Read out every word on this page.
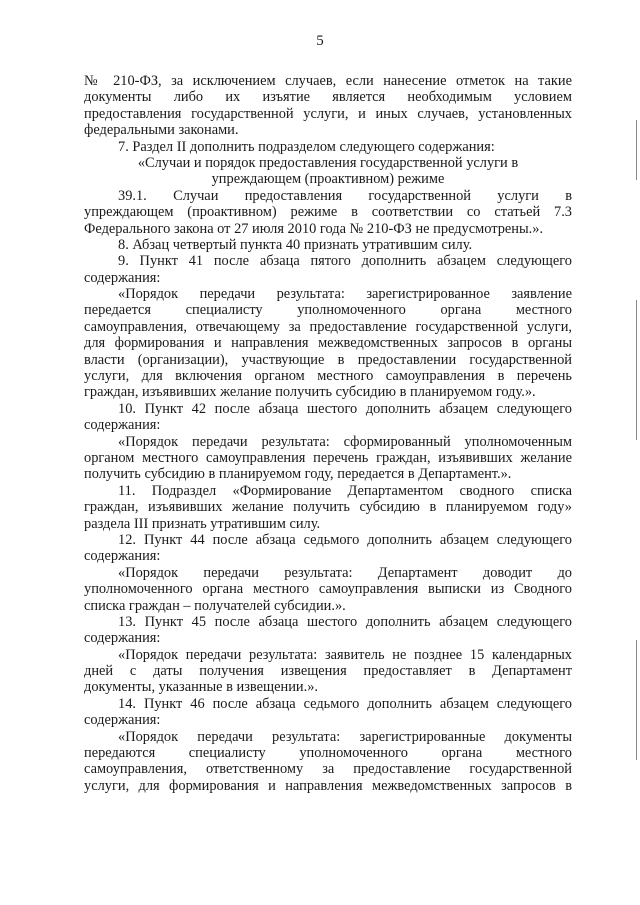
5
№ 210-ФЗ, за исключением случаев, если нанесение отметок на такие
документы либо их изъятие является необходимым условием
предоставления государственной услуги, и иных случаев, установленных
федеральными законами.
7. Раздел II дополнить подразделом следующего содержания:
«Случаи и порядок предоставления государственной услуги в
упреждающем (проактивном) режиме
39.1. Случаи предоставления государственной услуги в
упреждающем (проактивном) режиме в соответствии со статьей 7.3
Федерального закона от 27 июля 2010 года № 210-ФЗ не предусмотрены.».
8. Абзац четвертый пункта 40 признать утратившим силу.
9. Пункт 41 после абзаца пятого дополнить абзацем следующего
содержания:
«Порядок передачи результата: зарегистрированное заявление
передается специалисту уполномоченного органа местного
самоуправления, отвечающему за предоставление государственной услуги,
для формирования и направления межведомственных запросов в органы
власти (организации), участвующие в предоставлении государственной
услуги, для включения органом местного самоуправления в перечень
граждан, изъявивших желание получить субсидию в планируемом году.».
10. Пункт 42 после абзаца шестого дополнить абзацем следующего
содержания:
«Порядок передачи результата: сформированный уполномоченным
органом местного самоуправления перечень граждан, изъявивших желание
получить субсидию в планируемом году, передается в Департамент.».
11. Подраздел «Формирование Департаментом сводного списка
граждан, изъявивших желание получить субсидию в планируемом году»
раздела III признать утратившим силу.
12. Пункт 44 после абзаца седьмого дополнить абзацем следующего
содержания:
«Порядок передачи результата: Департамент доводит до
уполномоченного органа местного самоуправления выписки из Сводного
списка граждан – получателей субсидии.».
13. Пункт 45 после абзаца шестого дополнить абзацем следующего
содержания:
«Порядок передачи результата: заявитель не позднее 15 календарных
дней с даты получения извещения предоставляет в Департамент
документы, указанные в извещении.».
14. Пункт 46 после абзаца седьмого дополнить абзацем следующего
содержания:
«Порядок передачи результата: зарегистрированные документы
передаются специалисту уполномоченного органа местного
самоуправления, ответственному за предоставление государственной
услуги, для формирования и направления межведомственных запросов в
